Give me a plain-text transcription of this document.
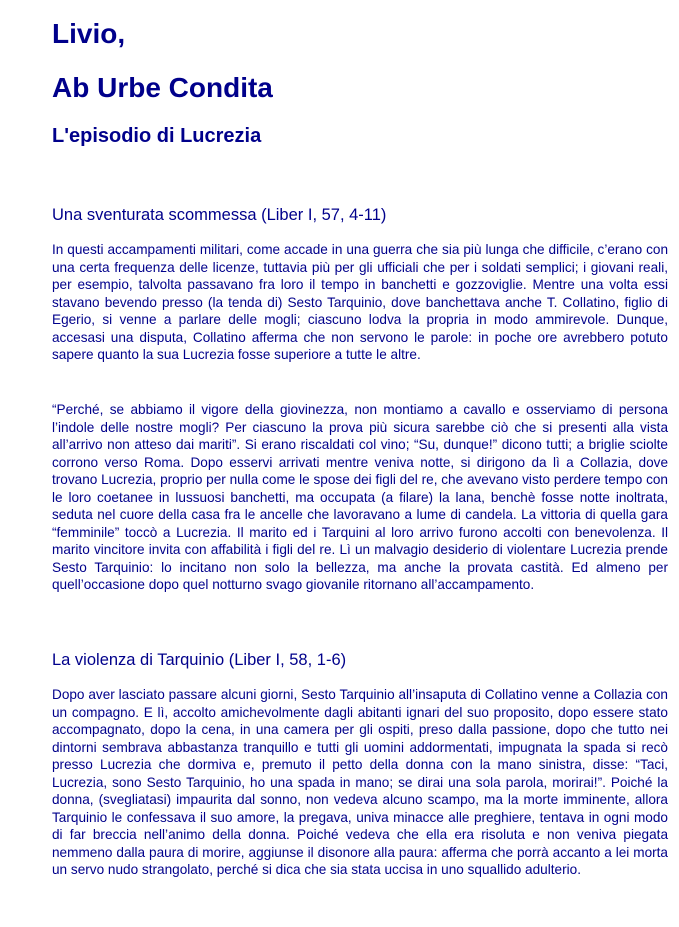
Livio,
Ab Urbe Condita
L'episodio di Lucrezia
Una sventurata scommessa (Liber I, 57, 4-11)

In questi accampamenti militari, come accade in una guerra che sia più lunga che difficile, c’erano con una certa frequenza delle licenze, tuttavia più per gli ufficiali che per i soldati semplici; i giovani reali, per esempio, talvolta passavano fra loro il tempo in banchetti e gozzoviglie. Mentre una volta essi stavano bevendo presso (la tenda di) Sesto Tarquinio, dove banchettava anche T. Collatino, figlio di Egerio, si venne a parlare delle mogli; ciascuno lodva la propria in modo ammirevole. Dunque, accesasi una disputa, Collatino afferma che non servono le parole: in poche ore avrebbero potuto sapere quanto la sua Lucrezia fosse superiore a tutte le altre.

“Perché, se abbiamo il vigore della giovinezza, non montiamo a cavallo e osserviamo di persona l’indole delle nostre mogli? Per ciascuno la prova più sicura sarebbe ciò che si presenti alla vista all’arrivo non atteso dai mariti”. Si erano riscaldati col vino; “Su, dunque!” dicono tutti; a briglie sciolte corrono verso Roma. Dopo esservi arrivati mentre veniva notte, si dirigono da lì a Collazia, dove trovano Lucrezia, proprio per nulla come le spose dei figli del re, che avevano visto perdere tempo con le loro coetanee in lussuosi banchetti, ma occupata (a filare) la lana, benchè fosse notte inoltrata, seduta nel cuore della casa fra le ancelle che lavoravano a lume di candela. La vittoria di quella gara “femminile” toccò a Lucrezia. Il marito ed i Tarquini al loro arrivo furono accolti con benevolenza. Il marito vincitore invita con affabilità i figli del re. Lì un malvagio desiderio di violentare Lucrezia prende Sesto Tarquinio: lo incitano non solo la bellezza, ma anche la provata castità. Ed almeno per quell’occasione dopo quel notturno svago giovanile ritornano all’accampamento.

La violenza di Tarquinio (Liber I, 58, 1-6)

Dopo aver lasciato passare alcuni giorni, Sesto Tarquinio all’insaputa di Collatino venne a Collazia con un compagno. E lì, accolto amichevolmente dagli abitanti ignari del suo proposito, dopo essere stato accompagnato, dopo la cena, in una camera per gli ospiti, preso dalla passione, dopo che tutto nei dintorni sembrava abbastanza tranquillo e tutti gli uomini addormentati, impugnata la spada si recò presso Lucrezia che dormiva e, premuto il petto della donna con la mano sinistra, disse: “Taci, Lucrezia, sono Sesto Tarquinio, ho una spada in mano; se dirai una sola parola, morirai!”. Poiché la donna, (svegliatasi) impaurita dal sonno, non vedeva alcuno scampo, ma la morte imminente, allora Tarquinio le confessava il suo amore, la pregava, univa minacce alle preghiere, tentava in ogni modo di far breccia nell’animo della donna. Poiché vedeva che ella era risoluta e non veniva piegata nemmeno dalla paura di morire, aggiunse il disonore alla paura: afferma che porrà accanto a lei morta un servo nudo strangolato, perché si dica che sia stata uccisa in uno squallido adulterio.
